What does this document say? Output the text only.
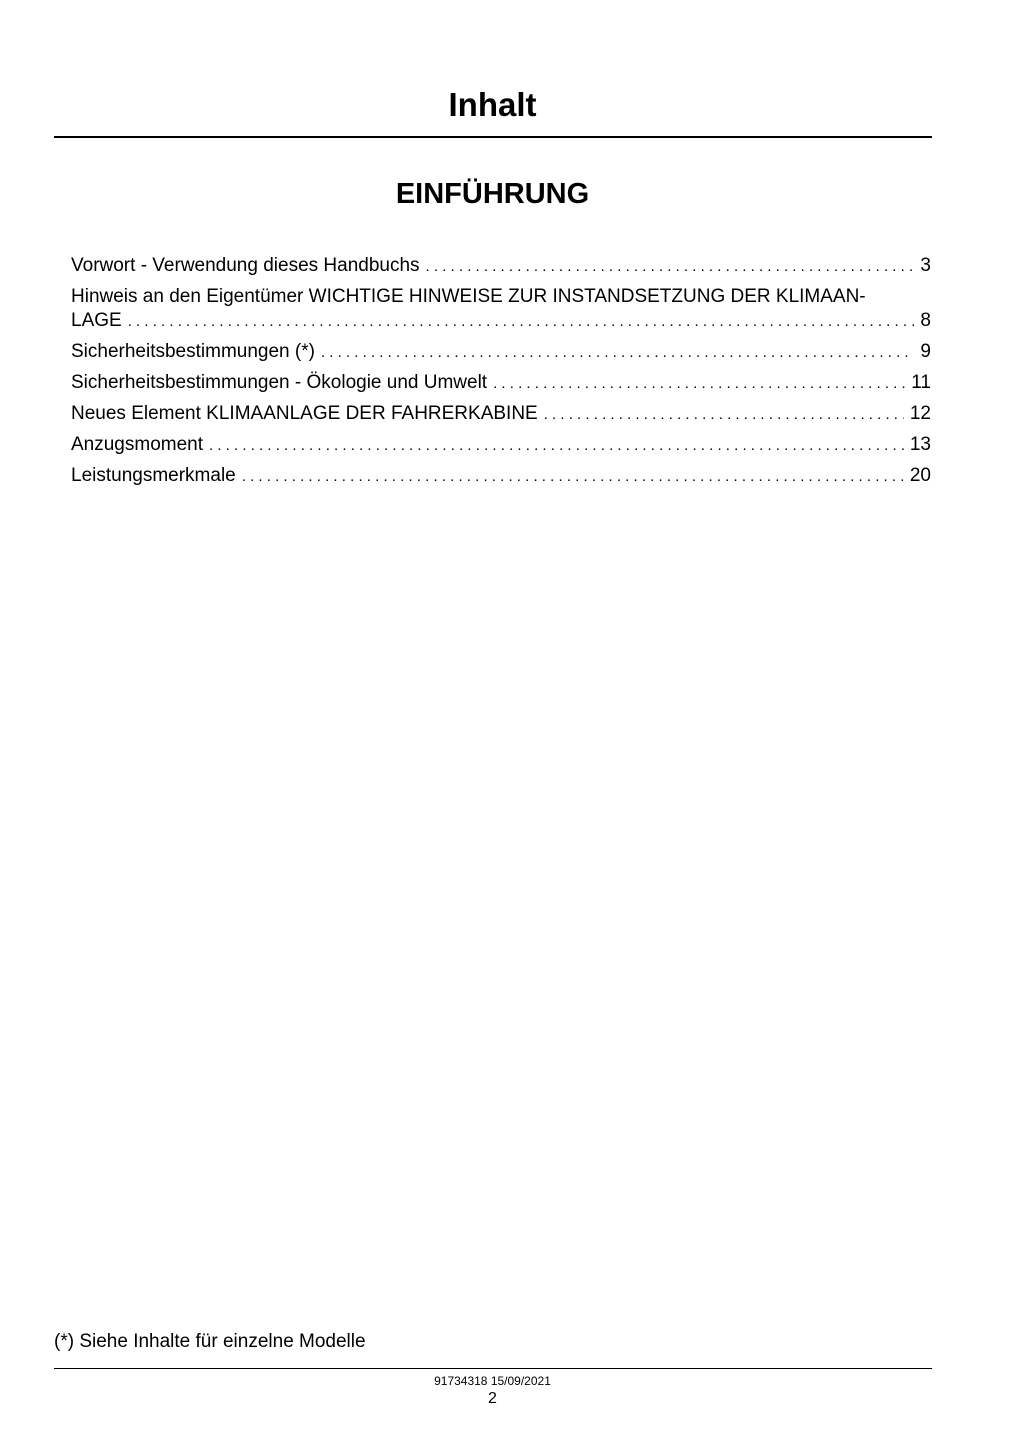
Inhalt
EINFÜHRUNG
Vorwort - Verwendung dieses Handbuchs . . .	3
Hinweis an den Eigentümer WICHTIGE HINWEISE ZUR INSTANDSETZUNG DER KLIMAAN-
LAGE . . .	8
Sicherheitsbestimmungen (*) . . .	9
Sicherheitsbestimmungen - Ökologie und Umwelt . . .	11
Neues Element KLIMAANLAGE DER FAHRERKABINE . . .	12
Anzugsmoment . . .	13
Leistungsmerkmale . . .	20
(*) Siehe Inhalte für einzelne Modelle
91734318 15/09/2021
2
